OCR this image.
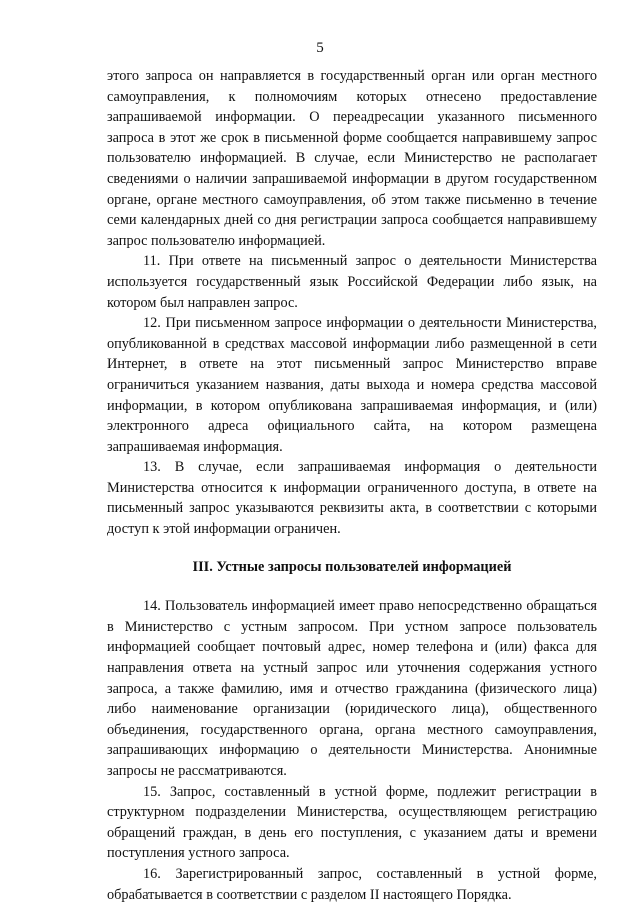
5

этого запроса он направляется в государственный орган или орган местного самоуправления, к полномочиям которых отнесено предоставление запрашиваемой информации. О переадресации указанного письменного запроса в этот же срок в письменной форме сообщается направившему запрос пользователю информацией. В случае, если Министерство не располагает сведениями о наличии запрашиваемой информации в другом государственном органе, органе местного самоуправления, об этом также письменно в течение семи календарных дней со дня регистрации запроса сообщается направившему запрос пользователю информацией.

11. При ответе на письменный запрос о деятельности Министерства используется государственный язык Российской Федерации либо язык, на котором был направлен запрос.

12. При письменном запросе информации о деятельности Министерства, опубликованной в средствах массовой информации либо размещенной в сети Интернет, в ответе на этот письменный запрос Министерство вправе ограничиться указанием названия, даты выхода и номера средства массовой информации, в котором опубликована запрашиваемая информация, и (или) электронного адреса официального сайта, на котором размещена запрашиваемая информация.

13. В случае, если запрашиваемая информация о деятельности Министерства относится к информации ограниченного доступа, в ответе на письменный запрос указываются реквизиты акта, в соответствии с которыми доступ к этой информации ограничен.

III. Устные запросы пользователей информацией

14. Пользователь информацией имеет право непосредственно обращаться в Министерство с устным запросом. При устном запросе пользователь информацией сообщает почтовый адрес, номер телефона и (или) факса для направления ответа на устный запрос или уточнения содержания устного запроса, а также фамилию, имя и отчество гражданина (физического лица) либо наименование организации (юридического лица), общественного объединения, государственного органа, органа местного самоуправления, запрашивающих информацию о деятельности Министерства. Анонимные запросы не рассматриваются.

15. Запрос, составленный в устной форме, подлежит регистрации в структурном подразделении Министерства, осуществляющем регистрацию обращений граждан, в день его поступления, с указанием даты и времени поступления устного запроса.

16. Зарегистрированный запрос, составленный в устной форме, обрабатывается в соответствии с разделом II настоящего Порядка.
